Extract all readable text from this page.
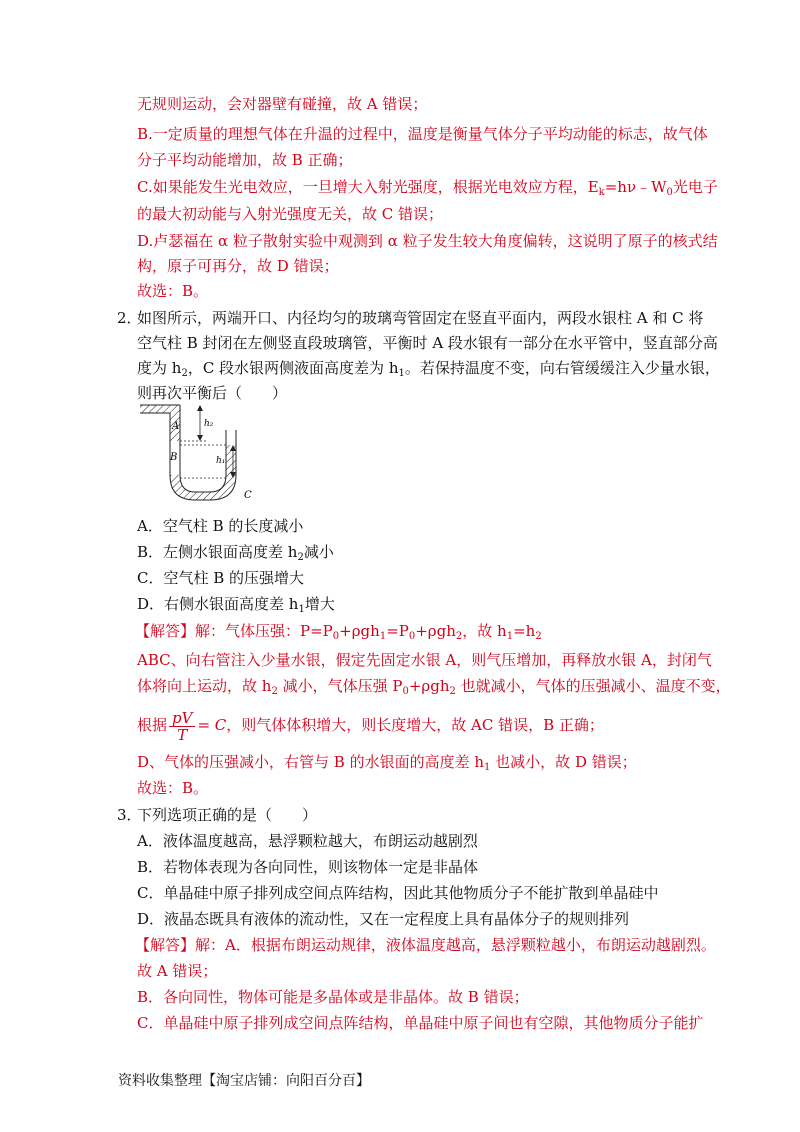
无规则运动，会对器壁有碰撞，故 A 错误；
B.一定质量的理想气体在升温的过程中，温度是衡量气体分子平均动能的标志，故气体
分子平均动能增加，故 B 正确；
C.如果能发生光电效应，一旦增大入射光强度，根据光电效应方程，$E_k=h\nu﹣W_0$光电子
的最大初动能与入射光强度无关，故 C 错误；
D.卢瑟福在 α 粒子散射实验中观测到 α 粒子发生较大角度偏转，这说明了原子的核式结
构，原子可再分，故 D 错误；
故选：B。
2．
如图所示，两端开口、内径均匀的玻璃弯管固定在竖直平面内，两段水银柱 A 和 C 将
空气柱 B 封闭在左侧竖直段玻璃管，平衡时 A 段水银有一部分在水平管中，竖直部分高
度为 $h_2$，C 段水银两侧液面高度差为 $h_1$。若保持温度不变，向右管缓缓注入少量水银，
则再次平衡后（　　）
A
B
C
h₂
h₁
A．空气柱 B 的长度减小
B．左侧水银面高度差 $h_2$减小
C．空气柱 B 的压强增大
D．右侧水银面高度差 $h_1$增大
【解答】解：气体压强：$P=P_0+\rho gh_1=P_0+\rho gh_2$，故 $h_1=h_2$
ABC、向右管注入少量水银，假定先固定水银 A，则气压增加，再释放水银 A，封闭气
体将向上运动，故 $h_2$ 减小，气体压强 $P_0+\rho gh_2$ 也就减小，气体的压强减小、温度不变，
根据 $\frac{pV}{T} = C$，则气体体积增大，则长度增大，故 AC 错误，B 正确；
D、气体的压强减小，右管与 B 的水银面的高度差 $h_1$ 也减小，故 D 错误；
故选：B。
3．
下列选项正确的是（　　）
A．液体温度越高，悬浮颗粒越大，布朗运动越剧烈
B．若物体表现为各向同性，则该物体一定是非晶体
C．单晶硅中原子排列成空间点阵结构，因此其他物质分子不能扩散到单晶硅中
D．液晶态既具有液体的流动性，又在一定程度上具有晶体分子的规则排列
【解答】解：A．根据布朗运动规律，液体温度越高，悬浮颗粒越小，布朗运动越剧烈。
故 A 错误；
B．各向同性，物体可能是多晶体或是非晶体。故 B 错误；
C．单晶硅中原子排列成空间点阵结构，单晶硅中原子间也有空隙，其他物质分子能扩
资料收集整理【淘宝店铺：向阳百分百】
